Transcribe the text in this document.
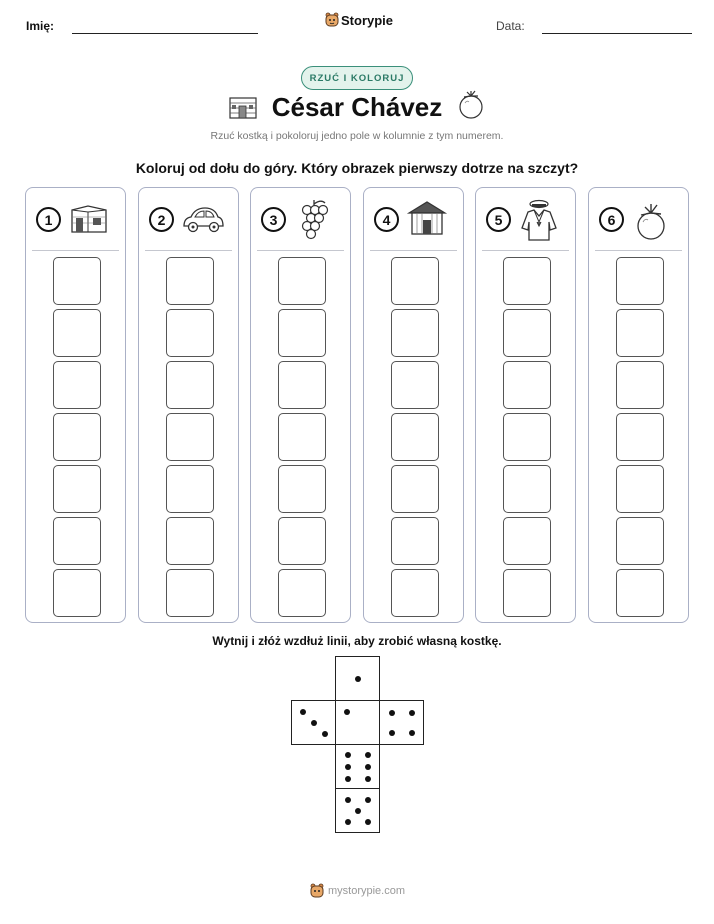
Imię:	Storypie	Data:
RZUĆ I KOLORUJ
César Chávez
Rzuć kostką i pokoloruj jedno pole w kolumnie z tym numerem.
Koloruj od dołu do góry. Który obrazek pierwszy dotrze na szczyt?
1	2	3	4	5	6
Wytnij i złóż wzdłuż linii, aby zrobić własną kostkę.
mystorypie.com
